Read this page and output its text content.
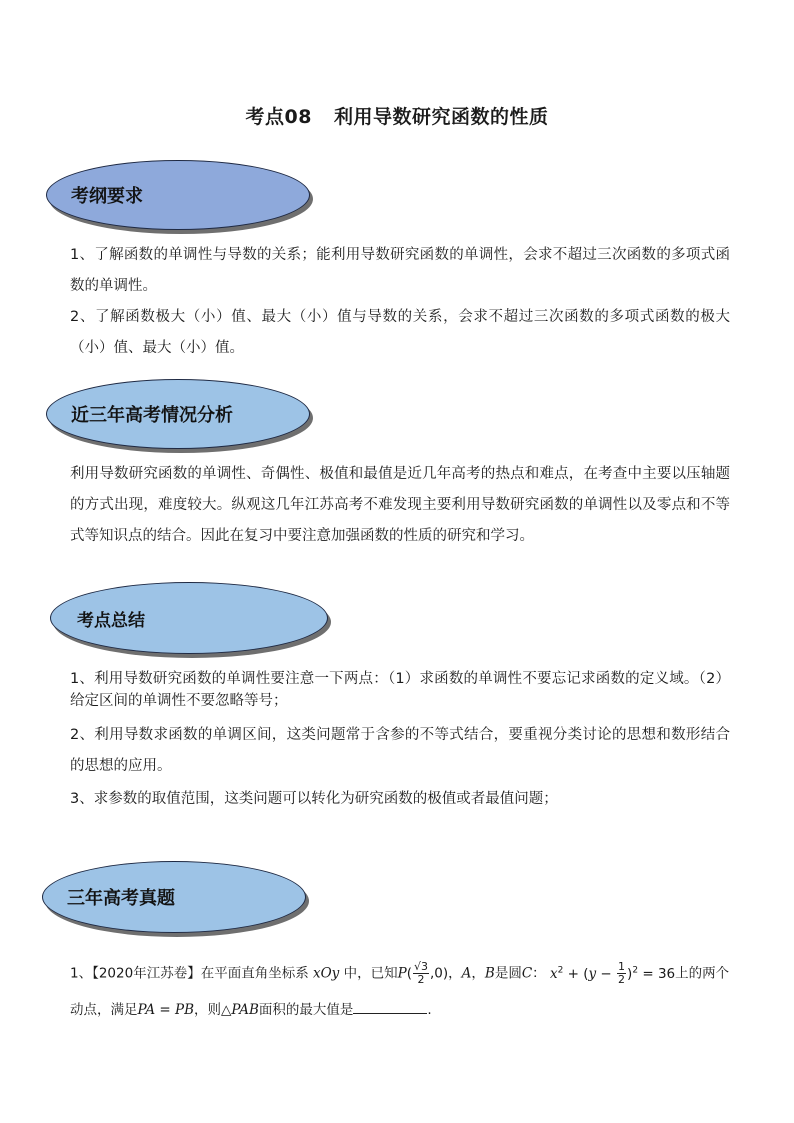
考点08 利用导数研究函数的性质
考纲要求

1、了解函数的单调性与导数的关系；能利用导数研究函数的单调性，会求不超过三次函数的多项式函数的单调性。

2、了解函数极大（小）值、最大（小）值与导数的关系，会求不超过三次函数的多项式函数的极大（小）值、最大（小）值。

近三年高考情况分析

利用导数研究函数的单调性、奇偶性、极值和最值是近几年高考的热点和难点，在考查中主要以压轴题的方式出现，难度较大。纵观这几年江苏高考不难发现主要利用导数研究函数的单调性以及零点和不等式等知识点的结合。因此在复习中要注意加强函数的性质的研究和学习。

考点总结

1、利用导数研究函数的单调性要注意一下两点：（1）求函数的单调性不要忘记求函数的定义域。（2）给定区间的单调性不要忽略等号；

2、利用导数求函数的单调区间，这类问题常于含参的不等式结合，要重视分类讨论的思想和数形结合的思想的应用。

3、求参数的取值范围，这类问题可以转化为研究函数的极值或者最值问题；

三年高考真题
1、【2020年江苏卷】在平面直角坐标系 xOy 中，已知$P( \frac{√3}{2} ,0)$，A，B是圆C： $x^2 + (y - \frac{1}{2} )^2 = 36$上的两个
动点，满足PA = PB，则△PAB面积的最大值是	.
